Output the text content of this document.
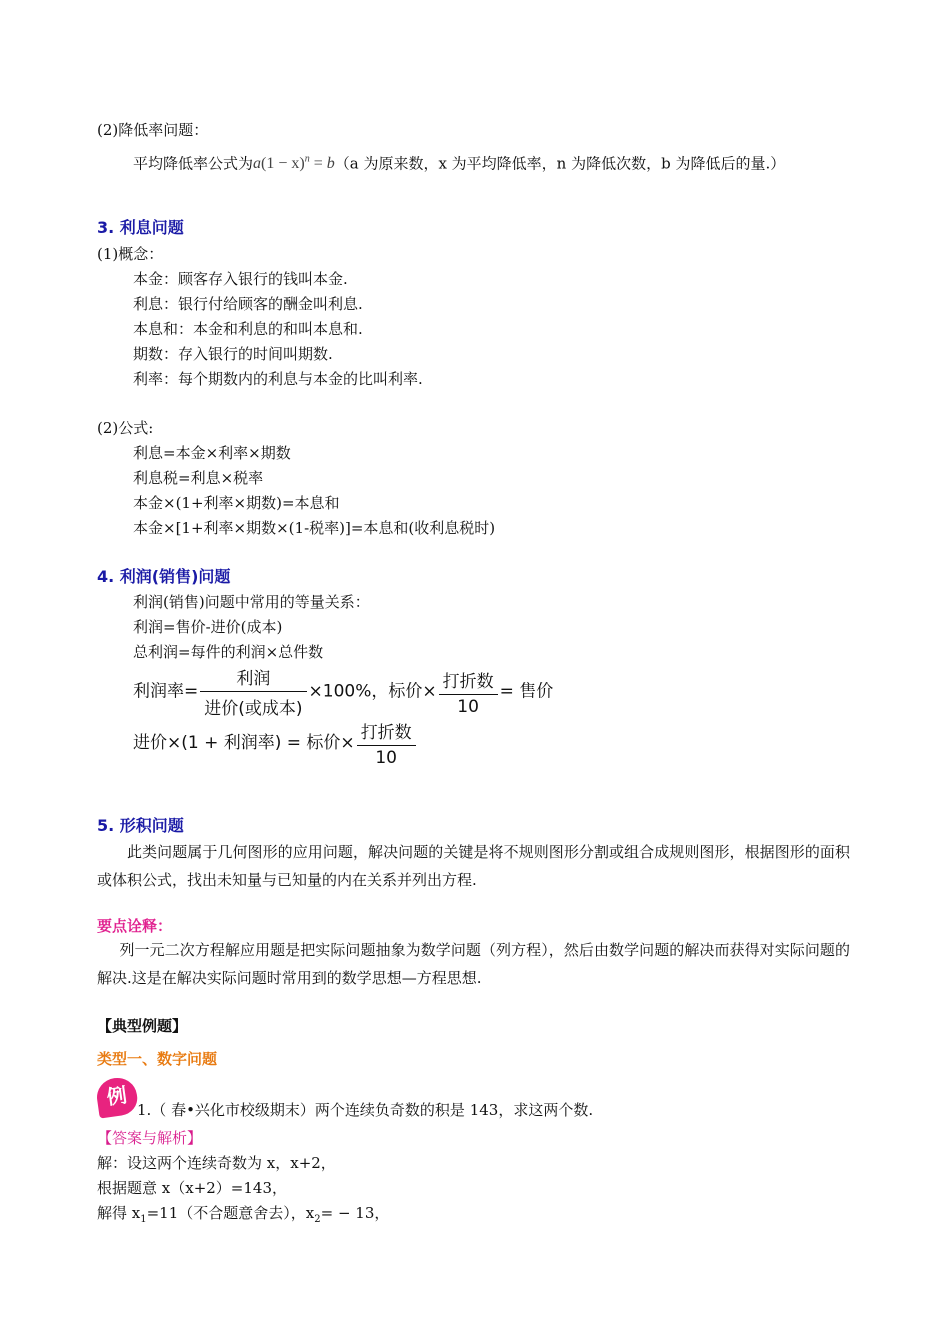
(2)降低率问题：
平均降低率公式为$a(1 - x)^n = b(a$ 为原来数，x 为平均降低率，n 为降低次数，b 为降低后的量.）
3. 利息问题
(1)概念：
本金：顾客存入银行的钱叫本金.
利息：银行付给顾客的酬金叫利息.
本息和：本金和利息的和叫本息和.
期数：存入银行的时间叫期数.
利率：每个期数内的利息与本金的比叫利率.
(2)公式:
利息=本金×利率×期数
利息税=利息×税率
本金×(1+利率×期数)=本息和
本金×[1+利率×期数×(1-税率)]=本息和(收利息税时)
4. 利润(销售)问题
利润(销售)问题中常用的等量关系：
利润=售价-进价(成本)
总利润=每件的利润×总件数
利润率= $\frac{\text{利润}}{\text{进价(或成本)}} \times 100\%$，标价× $\frac{\text{打折数}}{10}$ = 售价
进价×(1 + 利润率) = 标价× $\frac{\text{打折数}}{10}$
5. 形积问题
此类问题属于几何图形的应用问题，解决问题的关键是将不规则图形分割或组合成规则图形，根据图形的面积或体积公式，找出未知量与已知量的内在关系并列出方程.
要点诠释：
列一元二次方程解应用题是把实际问题抽象为数学问题（列方程），然后由数学问题的解决而获得对实际问题的解决.这是在解决实际问题时常用到的数学思想—方程思想.
【典型例题】
类型一、数字问题
例
1.（ 春•兴化市校级期末）两个连续负奇数的积是 143，求这两个数.
【答案与解析】
解：设这两个连续奇数为 x，x+2，
根据题意 x（x+2）=143，
解得 $x_1=11$（不合题意舍去），$x_2= - 13$，
